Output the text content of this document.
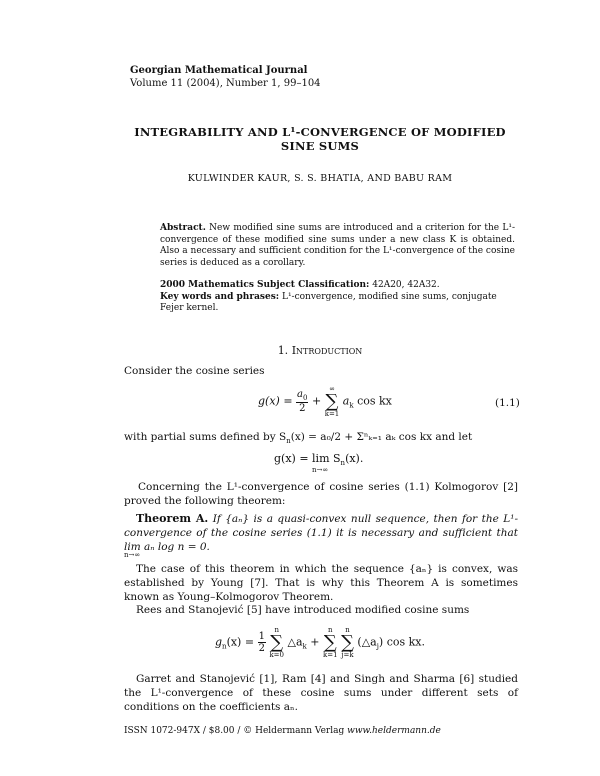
Georgian Mathematical Journal
Volume 11 (2004), Number 1, 99–104
INTEGRABILITY AND L¹-CONVERGENCE OF MODIFIED
SINE SUMS
KULWINDER KAUR, S. S. BHATIA, AND BABU RAM
Abstract. New modified sine sums are introduced and a criterion for the L¹-convergence of these modified sine sums under a new class K is obtained. Also a necessary and sufficient condition for the L¹-convergence of the cosine series is deduced as a corollary.
2000 Mathematics Subject Classification: 42A20, 42A32.
Key words and phrases: L¹-convergence, modified sine sums, conjugate Fejer kernel.
1. Introduction
Consider the cosine series
$g(x) = \frac{a_0}{2}$ +
∞
∑
k=1
$a_k$ cos kx	(1.1)
with partial sums defined by $S_n(x) = a_0/2 + \Sigma^n_{k=1}$ aₖ cos kx and let
$g(x) = \lim S_n(x)$.
n→∞
Concerning the L¹-convergence of cosine series (1.1) Kolmogorov [2] proved the following theorem:
Theorem A. If {aₙ} is a quasi-convex null sequence, then for the L¹-convergence of the cosine series (1.1) it is necessary and sufficient that lim aₙ log n = 0.
n→∞
The case of this theorem in which the sequence {aₙ} is convex, was established by Young [7]. That is why this Theorem A is sometimes known as Young–Kolmogorov Theorem.
Rees and Stanojević [5] have introduced modified cosine sums
$g_n(x) = \frac{1}{2}$

n
∑
k=0
$\triangle a_k$ +
n
∑
k=1

n
∑
j=k
$(\triangle a_j)$ cos kx.
Garret and Stanojević [1], Ram [4] and Singh and Sharma [6] studied the L¹-convergence of these cosine sums under different sets of conditions on the coefficients aₙ.
ISSN 1072-947X / $8.00 / © Heldermann Verlag www.heldermann.de
